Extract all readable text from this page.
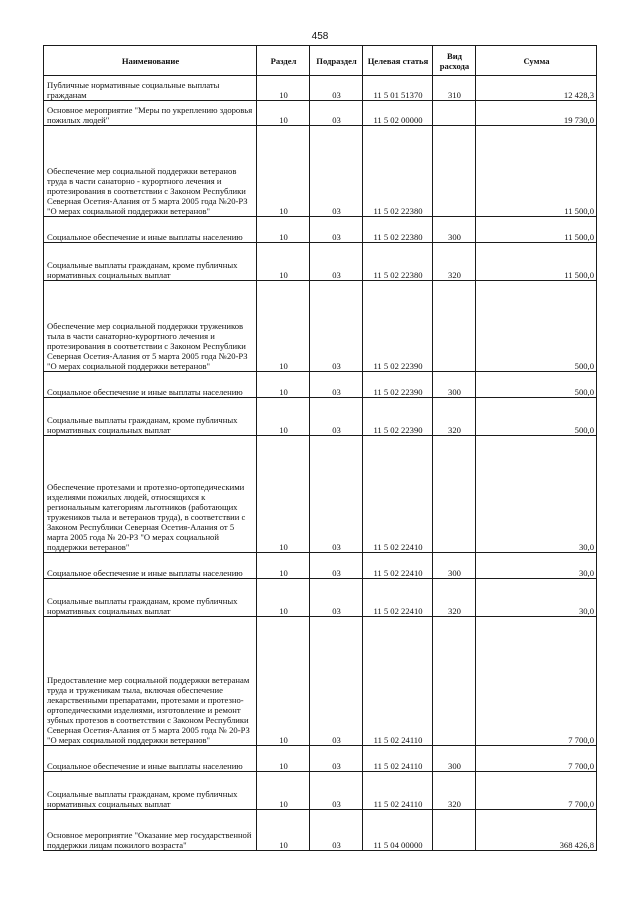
458
Наименование	Раздел	Подраздел	Целевая статья	Вид расхода	Сумма
Публичные нормативные социальные выплаты гражданам	10	03	11 5 01 51370	310	12 428,3
Основное мероприятие "Меры по укреплению здоровья пожилых людей"	10	03	11 5 02 00000		19 730,0
Обеспечение мер социальной поддержки ветеранов труда в части санаторно - курортного лечения и протезирования в соответствии с Законом Республики Северная Осетия-Алания от 5 марта 2005 года №20-РЗ "О мерах социальной поддержки ветеранов"	10	03	11 5 02 22380		11 500,0
Социальное обеспечение и иные выплаты населению	10	03	11 5 02 22380	300	11 500,0
Социальные выплаты гражданам, кроме публичных нормативных социальных выплат	10	03	11 5 02 22380	320	11 500,0
Обеспечение мер социальной поддержки тружеников тыла в части санаторно-курортного лечения и протезирования в соответствии с Законом Республики Северная Осетия-Алания от 5 марта 2005 года №20-РЗ "О мерах социальной поддержки ветеранов"	10	03	11 5 02 22390		500,0
Социальное обеспечение и иные выплаты населению	10	03	11 5 02 22390	300	500,0
Социальные выплаты гражданам, кроме публичных нормативных социальных выплат	10	03	11 5 02 22390	320	500,0
Обеспечение протезами и протезно-ортопедическими изделиями пожилых людей, относящихся к региональным категориям льготников (работающих тружеников тыла и ветеранов труда), в соответствии с Законом Республики Северная Осетия-Алания от 5 марта 2005 года № 20-РЗ "О мерах социальной поддержки ветеранов"	10	03	11 5 02 22410		30,0
Социальное обеспечение и иные выплаты населению	10	03	11 5 02 22410	300	30,0
Социальные выплаты гражданам, кроме публичных нормативных социальных выплат	10	03	11 5 02 22410	320	30,0
Предоставление мер социальной поддержки ветеранам труда и труженикам тыла, включая обеспечение лекарственными препаратами, протезами и протезно-ортопедическими изделиями, изготовление и ремонт зубных протезов в соответствии с Законом Республики Северная Осетия-Алания от 5 марта 2005 года № 20-РЗ "О мерах социальной поддержки ветеранов"	10	03	11 5 02 24110		7 700,0
Социальное обеспечение и иные выплаты населению	10	03	11 5 02 24110	300	7 700,0
Социальные выплаты гражданам, кроме публичных нормативных социальных выплат	10	03	11 5 02 24110	320	7 700,0
Основное мероприятие "Оказание мер государственной поддержки лицам пожилого возраста"	10	03	11 5 04 00000		368 426,8
